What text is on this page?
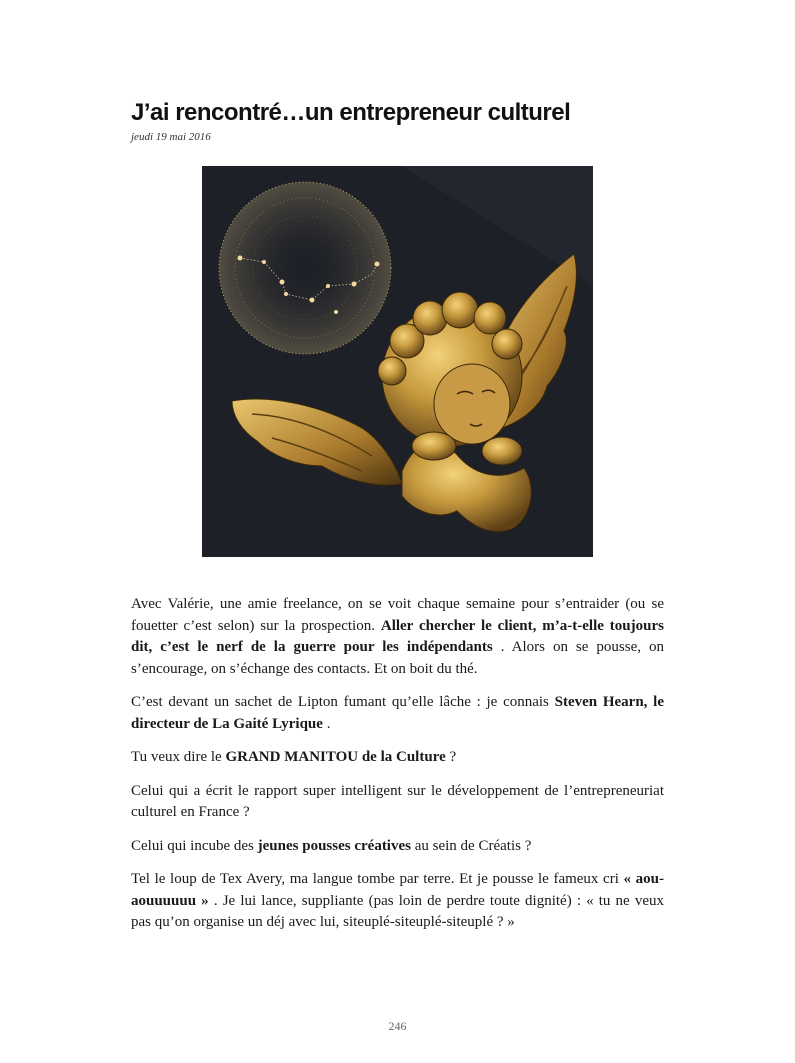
J’ai rencontré…un entrepreneur culturel
jeudi 19 mai 2016

Avec Valérie, une amie freelance, on se voit chaque semaine pour s’entraider (ou se fouetter c’est selon) sur la prospection. Aller chercher le client, m’a-t-elle toujours dit, c’est le nerf de la guerre pour les indépendants . Alors on se pousse, on s’encourage, on s’échange des contacts. Et on boit du thé.

C’est devant un sachet de Lipton fumant qu’elle lâche : je connais Steven Hearn, le directeur de La Gaité Lyrique .

Tu veux dire le GRAND MANITOU de la Culture ?

Celui qui a écrit le rapport super intelligent sur le développement de l’entrepreneuriat culturel en France ?

Celui qui incube des jeunes pousses créatives au sein de Créatis ?

Tel le loup de Tex Avery, ma langue tombe par terre. Et je pousse le fameux cri « aou-aouuuuuu » . Je lui lance, suppliante (pas loin de perdre toute dignité) : « tu ne veux pas qu’on organise un déj avec lui, siteuplé-siteuplé-siteuplé ? »

246
